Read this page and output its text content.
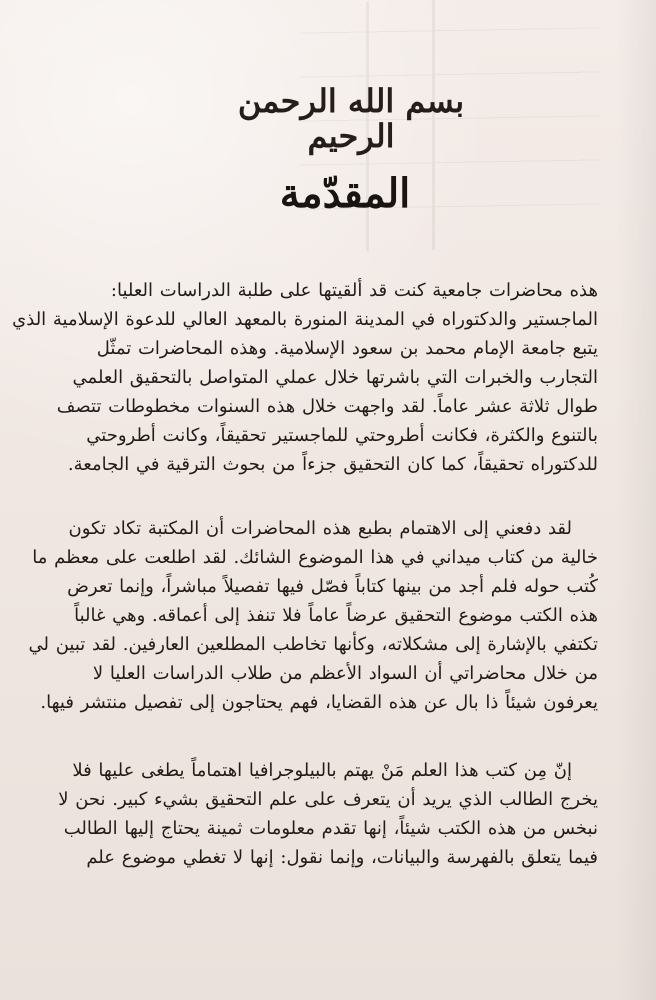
بسم الله الرحمن الرحيم
المقدّمة
هذه محاضرات جامعية كنت قد ألقيتها على طلبة الدراسات العليا:
الماجستير والدكتوراه في المدينة المنورة بالمعهد العالي للدعوة الإسلامية الذي
يتبع جامعة الإمام محمد بن سعود الإسلامية. وهذه المحاضرات تمثّل
التجارب والخبرات التي باشرتها خلال عملي المتواصل بالتحقيق العلمي
طوال ثلاثة عشر عاماً. لقد واجهت خلال هذه السنوات مخطوطات تتصف
بالتنوع والكثرة، فكانت أطروحتي للماجستير تحقيقاً، وكانت أطروحتي
للدكتوراه تحقيقاً، كما كان التحقيق جزءاً من بحوث الترقية في الجامعة.
لقد دفعني إلى الاهتمام بطبع هذه المحاضرات أن المكتبة تكاد تكون
خالية من كتاب ميداني في هذا الموضوع الشائك. لقد اطلعت على معظم ما
كُتب حوله فلم أجد من بينها كتاباً فصّل فيها تفصيلاً مباشراً، وإنما تعرض
هذه الكتب موضوع التحقيق عرضاً عاماً فلا تنفذ إلى أعماقه. وهي غالباً
تكتفي بالإشارة إلى مشكلاته، وكأنها تخاطب المطلعين العارفين. لقد تبين لي
من خلال محاضراتي أن السواد الأعظم من طلاب الدراسات العليا لا
يعرفون شيئاً ذا بال عن هذه القضايا، فهم يحتاجون إلى تفصيل منتشر فيها.
إنّ مِن كتب هذا العلم مَنْ يهتم بالبيلوجرافيا اهتماماً يطغى عليها فلا
يخرج الطالب الذي يريد أن يتعرف على علم التحقيق بشيء كبير. نحن لا
نبخس من هذه الكتب شيئاً، إنها تقدم معلومات ثمينة يحتاج إليها الطالب
فيما يتعلق بالفهرسة والبيانات، وإنما نقول: إنها لا تغطي موضوع علم
